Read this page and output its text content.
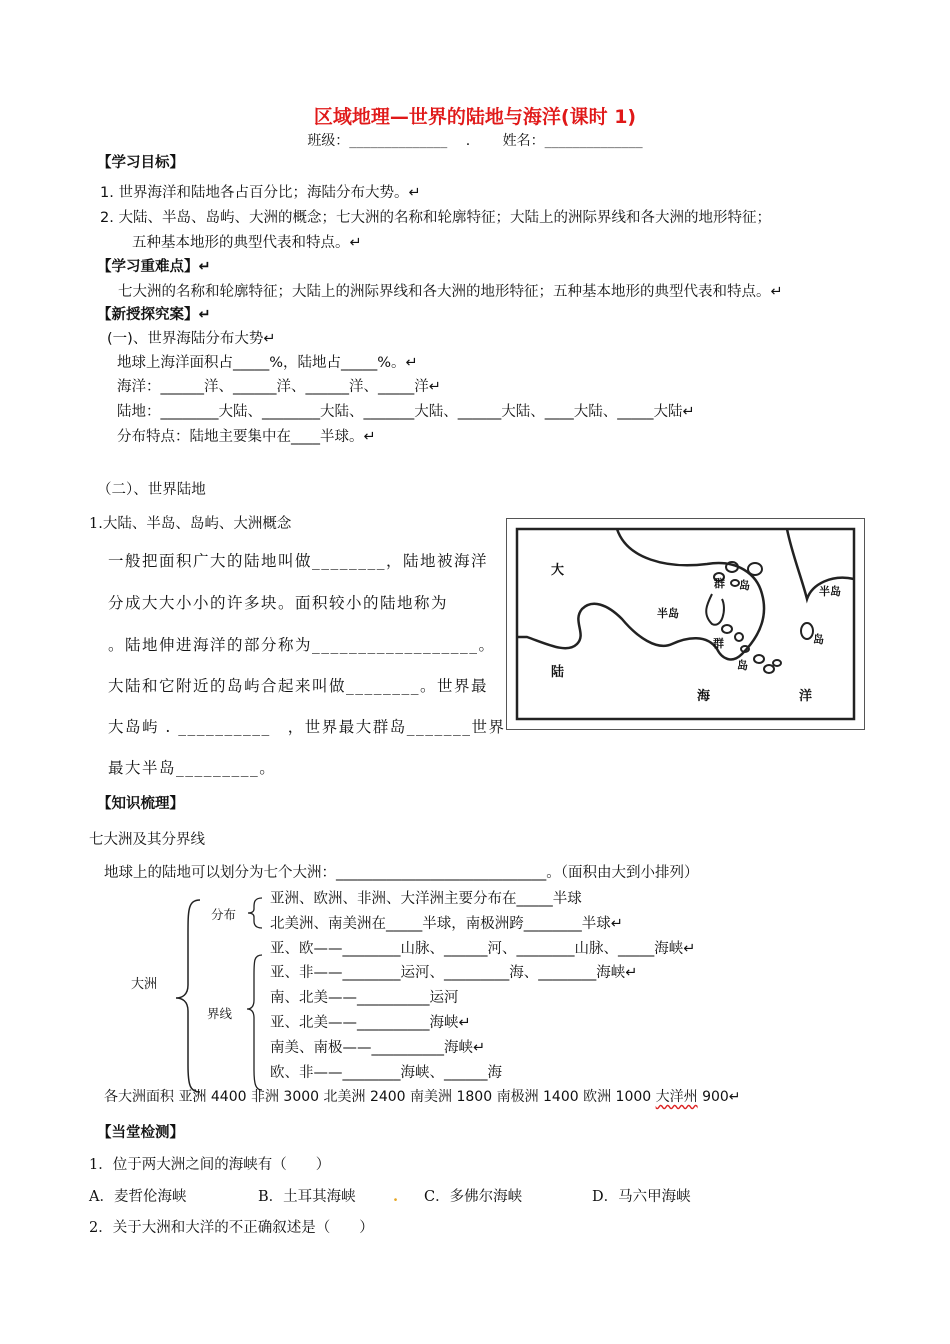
区域地理—世界的陆地与海洋(课时 1)
班级：______________ 　. 　　姓名：______________
【学习目标】
1. 世界海洋和陆地各占百分比；海陆分布大势。↵
2. 大陆、半岛、岛屿、大洲的概念；七大洲的名称和轮廓特征；大陆上的洲际界线和各大洲的地形特征；
五种基本地形的典型代表和特点。↵
【学习重难点】↵
七大洲的名称和轮廓特征；大陆上的洲际界线和各大洲的地形特征；五种基本地形的典型代表和特点。↵
【新授探究案】↵
(一)、世界海陆分布大势↵
地球上海洋面积占_____%，陆地占_____%。↵
海洋：______洋、______洋、______洋、_____洋↵
陆地：________大陆、________大陆、_______大陆、______大陆、____大陆、_____大陆↵
分布特点：陆地主要集中在____半球。↵
（二）、世界陆地
1.大陆、半岛、岛屿、大洲概念
一般把面积广大的陆地叫做________，陆地被海洋
分成大大小小的许多块。面积较小的陆地称为
。陆地伸进海洋的部分称为__________________。
大陆和它附近的岛屿合起来叫做________。世界最
大岛屿 . __________　，世界最大群岛_______世界
最大半岛_________。
大
陆
群 岛	半岛
半岛
岛
群
岛
海	洋
【知识梳理】
七大洲及其分界线
地球上的陆地可以划分为七个大洲：_____________________________。（面积由大到小排列）
分布
亚洲、欧洲、非洲、大洋洲主要分布在_____半球
北美洲、南美洲在_____半球，南极洲跨________半球↵
大洲
界线
亚、欧——________山脉、______河、________山脉、_____海峡↵
亚、非——________运河、_________海、________海峡↵
南、北美——__________运河
亚、北美——__________海峡↵
南美、南极——__________海峡↵
欧、非——________海峡、______海
各大洲面积 亚洲 4400 非洲 3000 北美洲 2400 南美洲 1800 南极洲 1400 欧洲 1000 大洋州 900↵
【当堂检测】
1．位于两大洲之间的海峡有（　　）
A．麦哲伦海峡	B．土耳其海峡	. C．多佛尔海峡	D．马六甲海峡
2．关于大洲和大洋的不正确叙述是（　　）
